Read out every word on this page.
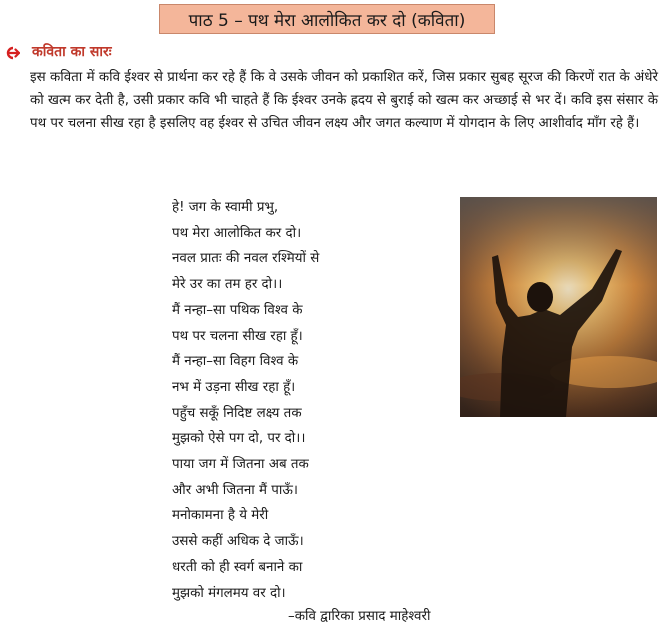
पाठ 5 – पथ मेरा आलोकित कर दो (कविता)
कविता का सारः

इस कविता में कवि ईश्वर से प्रार्थना कर रहे हैं कि वे उसके जीवन को प्रकाशित करें, जिस प्रकार सुबह सूरज की किरणें रात के अंधेरे को खत्म कर देती है, उसी प्रकार कवि भी चाहते हैं कि ईश्वर उनके ह्रदय से बुराई को खत्म कर अच्छाई से भर दें। कवि इस संसार के पथ पर चलना सीख रहा है इसलिए वह ईश्वर से उचित जीवन लक्ष्य और जगत कल्याण में योगदान के लिए आशीर्वाद माँग रहे हैं।

हे! जग के स्वामी प्रभु,
पथ मेरा आलोकित कर दो।
नवल प्रातः की नवल रश्मियों से
मेरे उर का तम हर दो।।
मैं नन्हा–सा पथिक विश्व के
पथ पर चलना सीख रहा हूँ।
मैं नन्हा–सा विहग विश्व के
नभ में उड़ना सीख रहा हूँ।
पहुँच सकूँ निदिष्ट लक्ष्य तक
मुझको ऐसे पग दो, पर दो।।
पाया जग में जितना अब तक
और अभी जितना मैं पाऊँ।
मनोकामना है ये मेरी
उससे कहीं अधिक दे जाऊँ।
धरती को ही स्वर्ग बनाने का
मुझको मंगलमय वर दो।
–कवि द्वारिका प्रसाद माहेश्वरी
